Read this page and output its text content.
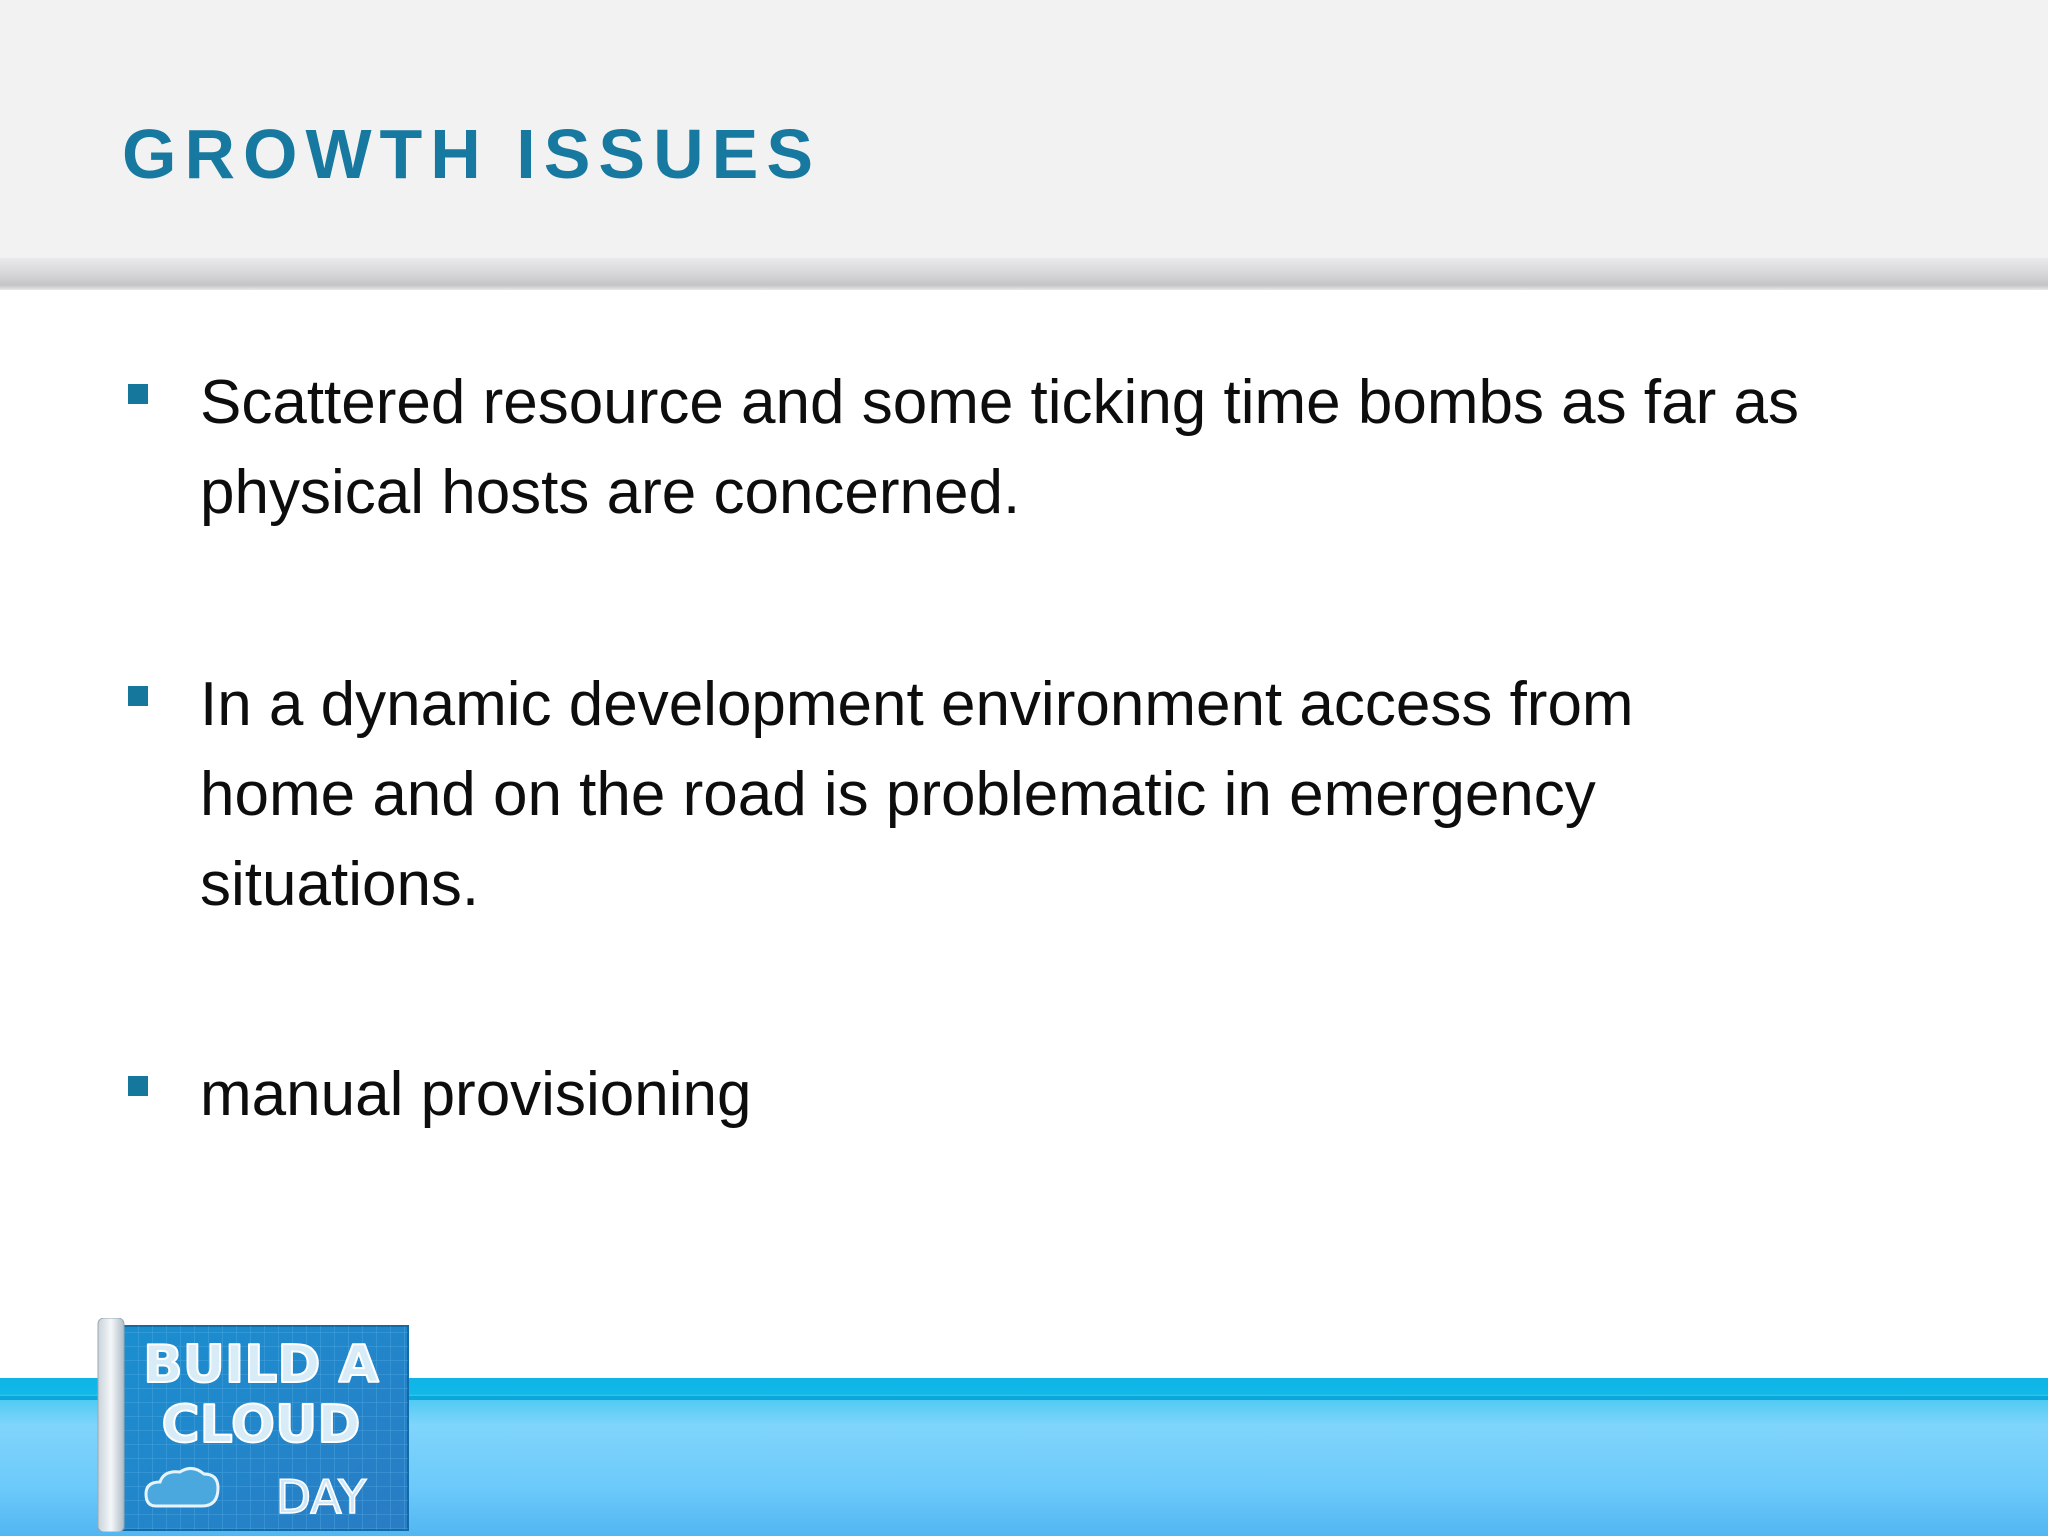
GROWTH ISSUES
Scattered resource and some ticking time bombs as far as
physical hosts are concerned.
In a dynamic development environment access from
home and on the road is problematic in emergency
situations.
manual provisioning
BUILD A
CLOUD
DAY
